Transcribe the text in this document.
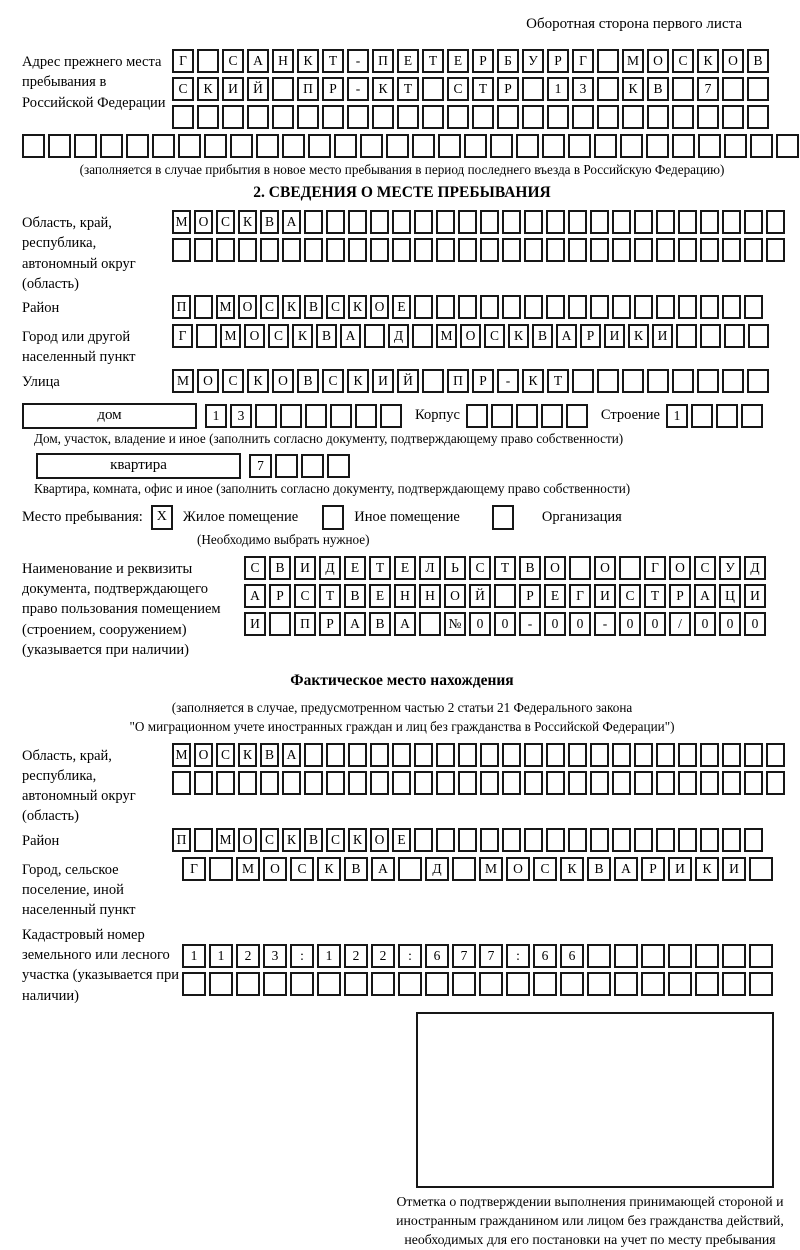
Оборотная сторона первого листа
Адрес прежнего места пребывания в Российской Федерации
Г	С	А	Н	К	Т	-	П	Е	Т	Е	Р	Б	У	Р	Г	М	О	С	К	О	В
С	К	И	Й	П	Р	-	К	Т	С	Т	Р	1	3	К	В	7
(заполняется в случае прибытия в новое место пребывания в период последнего въезда в Российскую Федерацию)
2. СВЕДЕНИЯ О МЕСТЕ ПРЕБЫВАНИЯ
Область, край, республика, автономный округ (область)
М О С К В А
Район	П	М О С К В С К О Е
Город или другой населенный пункт
Г	М О	С	К	В	А	Д	М О	С	К	В	А	Р	И	К	И
Улица	М	О	С	К	О	В	С	К	И	Й	П	Р	-	К	Т
дом	1	3	Корпус	Строение	1
Дом, участок, владение и иное (заполнить согласно документу, подтверждающему право собственности)
квартира	7
Квартира, комната, офис и иное (заполнить согласно документу, подтверждающему право собственности)
Место пребывания: X	Жилое помещение	Иное помещение	Организация
(Необходимо выбрать нужное)
Наименование и реквизиты документа, подтверждающего право пользования помещением (строением, сооружением) (указывается при наличии)
С	В	И	Д	Е	Т	Е	Л	Ь	С	Т	В	О	О	Г	О	С	У	Д
А	Р	С	Т	В	Е	Н	Н	О	Й	Р	Е	Г	И	С	Т	Р	А	Ц	И
И	П	Р	А	В	А	№	0	0	-	0	0	-	0	0	/	0	0	0
Фактическое место нахождения
(заполняется в случае, предусмотренном частью 2 статьи 21 Федерального закона
"О миграционном учете иностранных граждан и лиц без гражданства в Российской Федерации")
Область, край, республика, автономный округ (область)
М О С К В А
Район	П	М О С К В С К О Е
Город, сельское поселение, иной населенный пункт
Г	М	О	С	К	В	А	Д	М	О	С	К	В	А	Р	И	К	И
Кадастровый номер земельного или лесного участка (указывается при наличии)
1	1	2	3	:	1	2	2	:	6	7	7	:	6	6
Отметка о подтверждении выполнения принимающей стороной и иностранным гражданином или лицом без гражданства действий, необходимых для его постановки на учет по месту пребывания
